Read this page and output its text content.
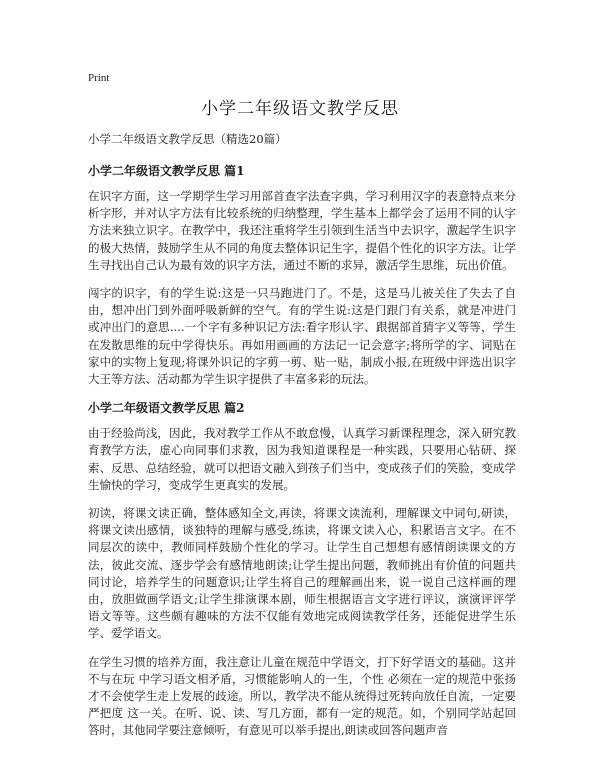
Print
小学二年级语文教学反思

小学二年级语文教学反思（精选20篇）

小学二年级语文教学反思 篇1

在识字方面，这一学期学生学习用部首查字法查字典，学习利用汉字的表意特点来分析字形，并对认字方法有比较系统的归纳整理，学生基本上都学会了运用不同的认字方法来独立识字。在教学中，我还注重将学生引领到生活当中去识字，激起学生识字的极大热情，鼓励学生从不同的角度去整体识记生字，提倡个性化的识字方法。让学生寻找出自己认为最有效的识字方法，通过不断的求异，激活学生思维，玩出价值。

闯字的识字，有的学生说:这是一只马跑进门了。不是，这是马儿被关住了失去了自由，想冲出门到外面呼吸新鲜的空气。有的学生说:这是门跟门有关系，就是冲进门或冲出门的意思....一个字有多种识记方法:看字形认字、跟据部首猜字义等等，学生在发散思维的玩中学得快乐。再如用画画的方法记一记会意字;将所学的字、词贴在家中的实物上复现;将课外识记的字剪一剪、贴一贴，制成小报,在班级中评选出识字大王等方法、活动都为学生识字提供了丰富多彩的玩法。

小学二年级语文教学反思 篇2

由于经验尚浅，因此，我对教学工作从不敢怠慢，认真学习新课程理念，深入研究教育教学方法，虚心向同事们求教，因为我知道课程是一种实践，只要用心钻研、探索、反思、总结经验，就可以把语文融入到孩子们当中，变成孩子们的笑脸，变成学生愉快的学习，变成学生更真实的发展。

初读，将课文读正确，整体感知全文,再读，将课文读流利，理解课文中词句,研读，将课文读出感情，谈独特的理解与感受,练读，将课文读入心，积累语言文字。在不同层次的读中，教师同样鼓励个性化的学习。让学生自己想想有感情朗读课文的方法，彼此交流、逐步学会有感情地朗读;让学生提出问题，教师挑出有价值的问题共同讨论，培养学生的问题意识;让学生将自己的理解画出来，说一说自己这样画的理由，放胆做画学语文;让学生排演课本剧，师生根据语言文字进行评议，演演评评学语文等等。这些颇有趣味的方法不仅能有效地完成阅读教学任务，还能促进学生乐学、爱学语文。

在学生习惯的培养方面，我注意让儿童在规范中学语文，打下好学语文的基础。这并不与在玩 中学习语文相矛盾，习惯能影响人的一生，个性 必须在一定的规范中张扬才不会使学生走上发展的歧途。所以，教学决不能从统得过死转向放任自流，一定要严把度 这一关。在听、说、读、写几方面，都有一定的规范。如，个别同学站起回答时，其他同学要注意倾听，有意见可以举手提出,朗读或回答问题声音
